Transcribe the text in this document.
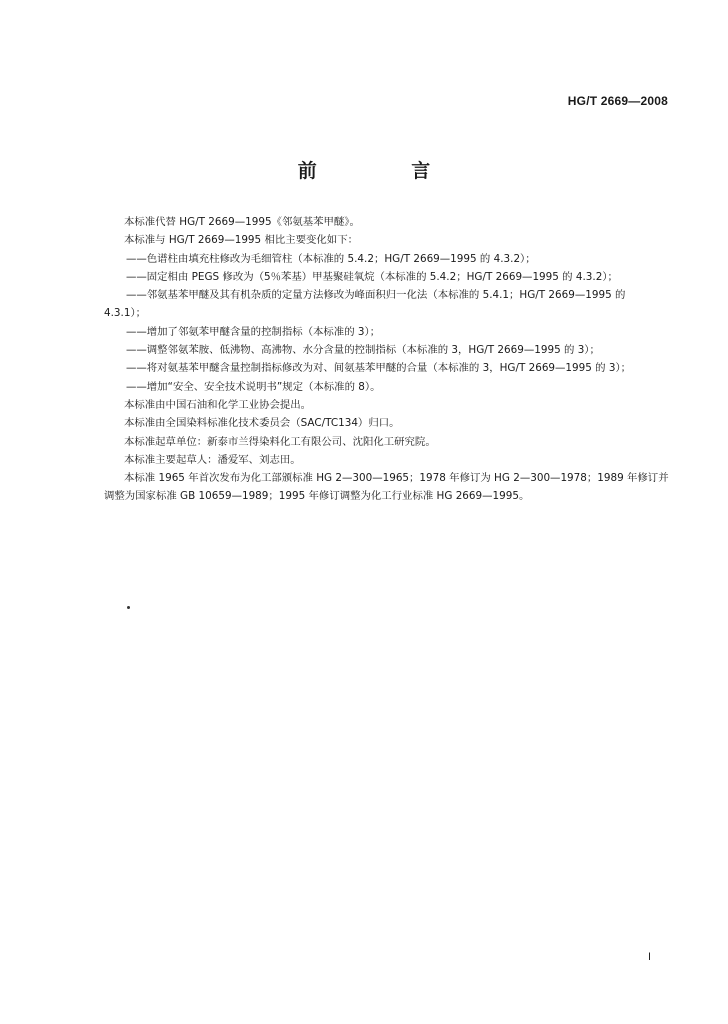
HG/T 2669—2008
前 言

本标准代替 HG/T 2669—1995《邻氨基苯甲醚》。

本标准与 HG/T 2669—1995 相比主要变化如下：

——色谱柱由填充柱修改为毛细管柱（本标准的 5.4.2；HG/T 2669—1995 的 4.3.2）；

——固定相由 PEGS 修改为（5％苯基）甲基聚硅氧烷（本标准的 5.4.2；HG/T 2669—1995 的 4.3.2）；

——邻氨基苯甲醚及其有机杂质的定量方法修改为峰面积归一化法（本标准的 5.4.1；HG/T 2669—1995 的 4.3.1）；

——增加了邻氨苯甲醚含量的控制指标（本标准的 3）；

——调整邻氨苯胺、低沸物、高沸物、水分含量的控制指标（本标准的 3，HG/T 2669—1995 的 3）；

——将对氨基苯甲醚含量控制指标修改为对、间氨基苯甲醚的合量（本标准的 3，HG/T 2669—1995 的 3）；

——增加“安全、安全技术说明书”规定（本标准的 8）。

本标准由中国石油和化学工业协会提出。

本标准由全国染料标准化技术委员会（SAC/TC134）归口。

本标准起草单位：新泰市兰得染料化工有限公司、沈阳化工研究院。

本标准主要起草人：潘爱军、刘志田。

本标准 1965 年首次发布为化工部颁标准 HG 2—300—1965；1978 年修订为 HG 2—300—1978；1989 年修订并调整为国家标准 GB 10659—1989；1995 年修订调整为化工行业标准 HG 2669—1995。

Ⅰ
